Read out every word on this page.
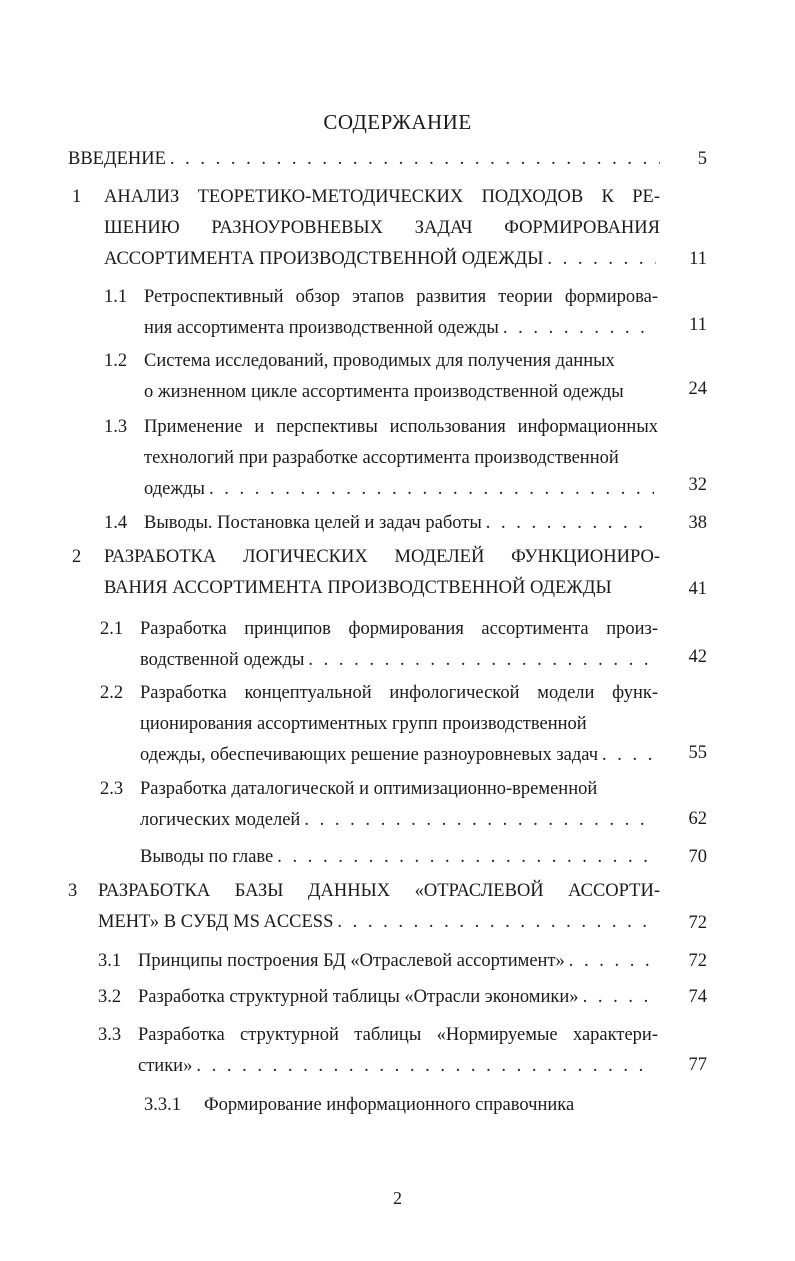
СОДЕРЖАНИЕ
ВВЕДЕНИЕ . . .	5
1 АНАЛИЗ ТЕОРЕТИКО-МЕТОДИЧЕСКИХ ПОДХОДОВ К РЕ-
ШЕНИЮ РАЗНОУРОВНЕВЫХ ЗАДАЧ ФОРМИРОВАНИЯ
АССОРТИМЕНТА ПРОИЗВОДСТВЕННОЙ ОДЕЖДЫ . . .	11
1.1 Ретроспективный обзор этапов развития теории формирова-
ния ассортимента производственной одежды . . .	11
1.2 Система исследований, проводимых для получения данных
о жизненном цикле ассортимента производственной одежды	24
1.3 Применение и перспективы использования информационных
технологий при разработке ассортимента производственной
одежды . . .	32
1.4 Выводы. Постановка целей и задач работы . . .	38
2 РАЗРАБОТКА ЛОГИЧЕСКИХ МОДЕЛЕЙ ФУНКЦИОНИРО-
ВАНИЯ АССОРТИМЕНТА ПРОИЗВОДСТВЕННОЙ ОДЕЖДЫ	41
2.1 Разработка принципов формирования ассортимента произ-
водственной одежды . . .	42
2.2 Разработка концептуальной инфологической модели функ-
ционирования ассортиментных групп производственной
одежды, обеспечивающих решение разноуровневых задач . . .	55
2.3 Разработка даталогической и оптимизационно-временной
логических моделей . . .	62
Выводы по главе . . .	70
3 РАЗРАБОТКА БАЗЫ ДАННЫХ «ОТРАСЛЕВОЙ АССОРТИ-
МЕНТ» В СУБД MS ACCESS . . .	72
3.1 Принципы построения БД «Отраслевой ассортимент» . . .	72
3.2 Разработка структурной таблицы «Отрасли экономики» . . .	74
3.3 Разработка структурной таблицы «Нормируемые характери-
стики» . . .	77
3.3.1 Формирование информационного справочника
2
